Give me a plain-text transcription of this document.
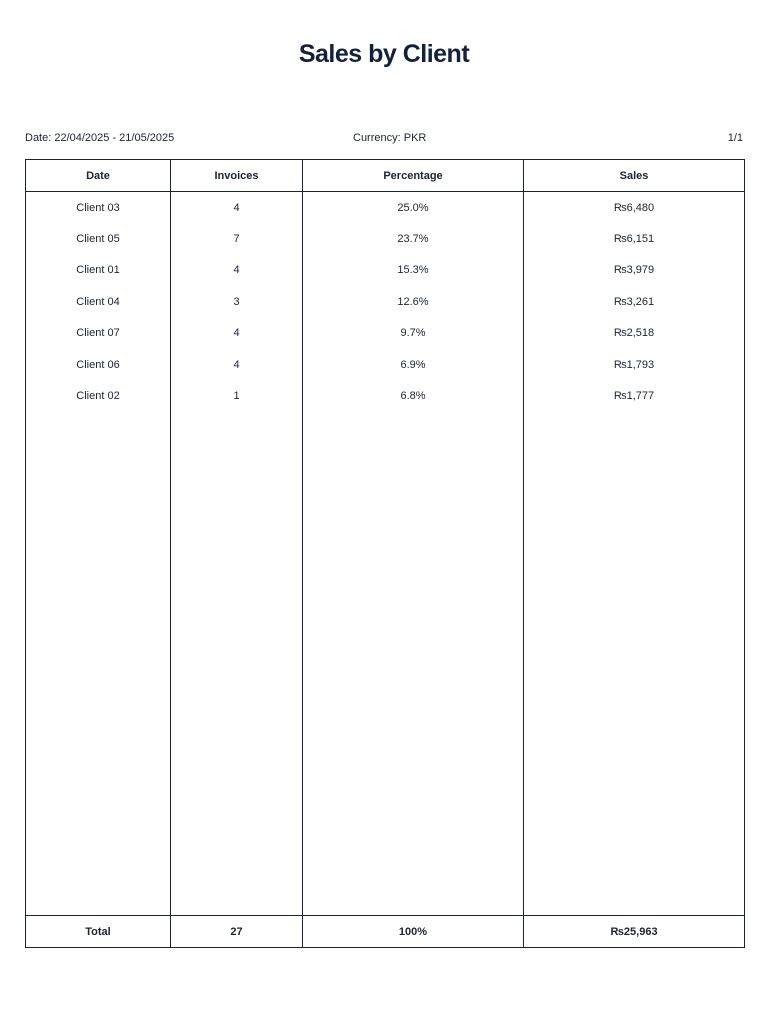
Sales by Client
Date: 22/04/2025 - 21/05/2025	Currency: PKR	1/1
Date	Invoices	Percentage	Sales
Client 03	4	25.0%	₨6,480
Client 05	7	23.7%	₨6,151
Client 01	4	15.3%	₨3,979
Client 04	3	12.6%	₨3,261
Client 07	4	9.7%	₨2,518
Client 06	4	6.9%	₨1,793
Client 02	1	6.8%	₨1,777

Total	27	100%	₨25,963
